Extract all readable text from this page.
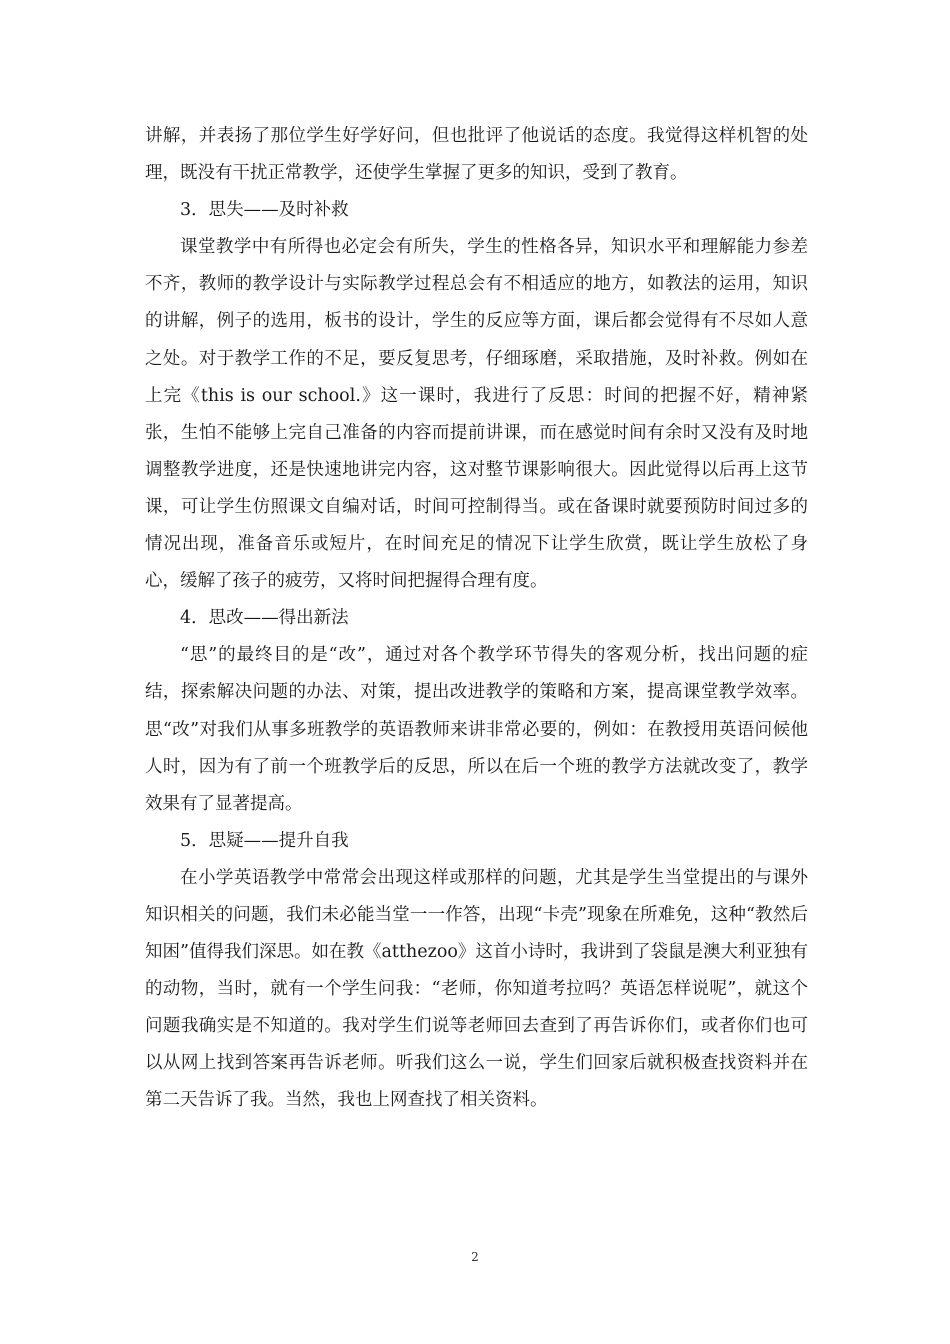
讲解，并表扬了那位学生好学好问，但也批评了他说话的态度。我觉得这样机智的处理，既没有干扰正常教学，还使学生掌握了更多的知识，受到了教育。

3．思失——及时补救

课堂教学中有所得也必定会有所失，学生的性格各异，知识水平和理解能力参差不齐，教师的教学设计与实际教学过程总会有不相适应的地方，如教法的运用，知识的讲解，例子的选用，板书的设计，学生的反应等方面，课后都会觉得有不尽如人意之处。对于教学工作的不足，要反复思考，仔细琢磨，采取措施，及时补救。例如在上完《this is our school.》这一课时，我进行了反思：时间的把握不好，精神紧张，生怕不能够上完自己准备的内容而提前讲课，而在感觉时间有余时又没有及时地调整教学进度，还是快速地讲完内容，这对整节课影响很大。因此觉得以后再上这节课，可让学生仿照课文自编对话，时间可控制得当。或在备课时就要预防时间过多的情况出现，准备音乐或短片，在时间充足的情况下让学生欣赏，既让学生放松了身心，缓解了孩子的疲劳，又将时间把握得合理有度。

4．思改——得出新法

“思”的最终目的是“改”，通过对各个教学环节得失的客观分析，找出问题的症结，探索解决问题的办法、对策，提出改进教学的策略和方案，提高课堂教学效率。思“改”对我们从事多班教学的英语教师来讲非常必要的，例如：在教授用英语问候他人时，因为有了前一个班教学后的反思，所以在后一个班的教学方法就改变了，教学效果有了显著提高。

5．思疑——提升自我

在小学英语教学中常常会出现这样或那样的问题，尤其是学生当堂提出的与课外知识相关的问题，我们未必能当堂一一作答，出现“卡壳”现象在所难免，这种“教然后知困”值得我们深思。如在教《atthezoo》这首小诗时，我讲到了袋鼠是澳大利亚独有的动物，当时，就有一个学生问我：“老师，你知道考拉吗？英语怎样说呢”，就这个问题我确实是不知道的。我对学生们说等老师回去查到了再告诉你们，或者你们也可以从网上找到答案再告诉老师。听我们这么一说，学生们回家后就积极查找资料并在第二天告诉了我。当然，我也上网查找了相关资料。

2
